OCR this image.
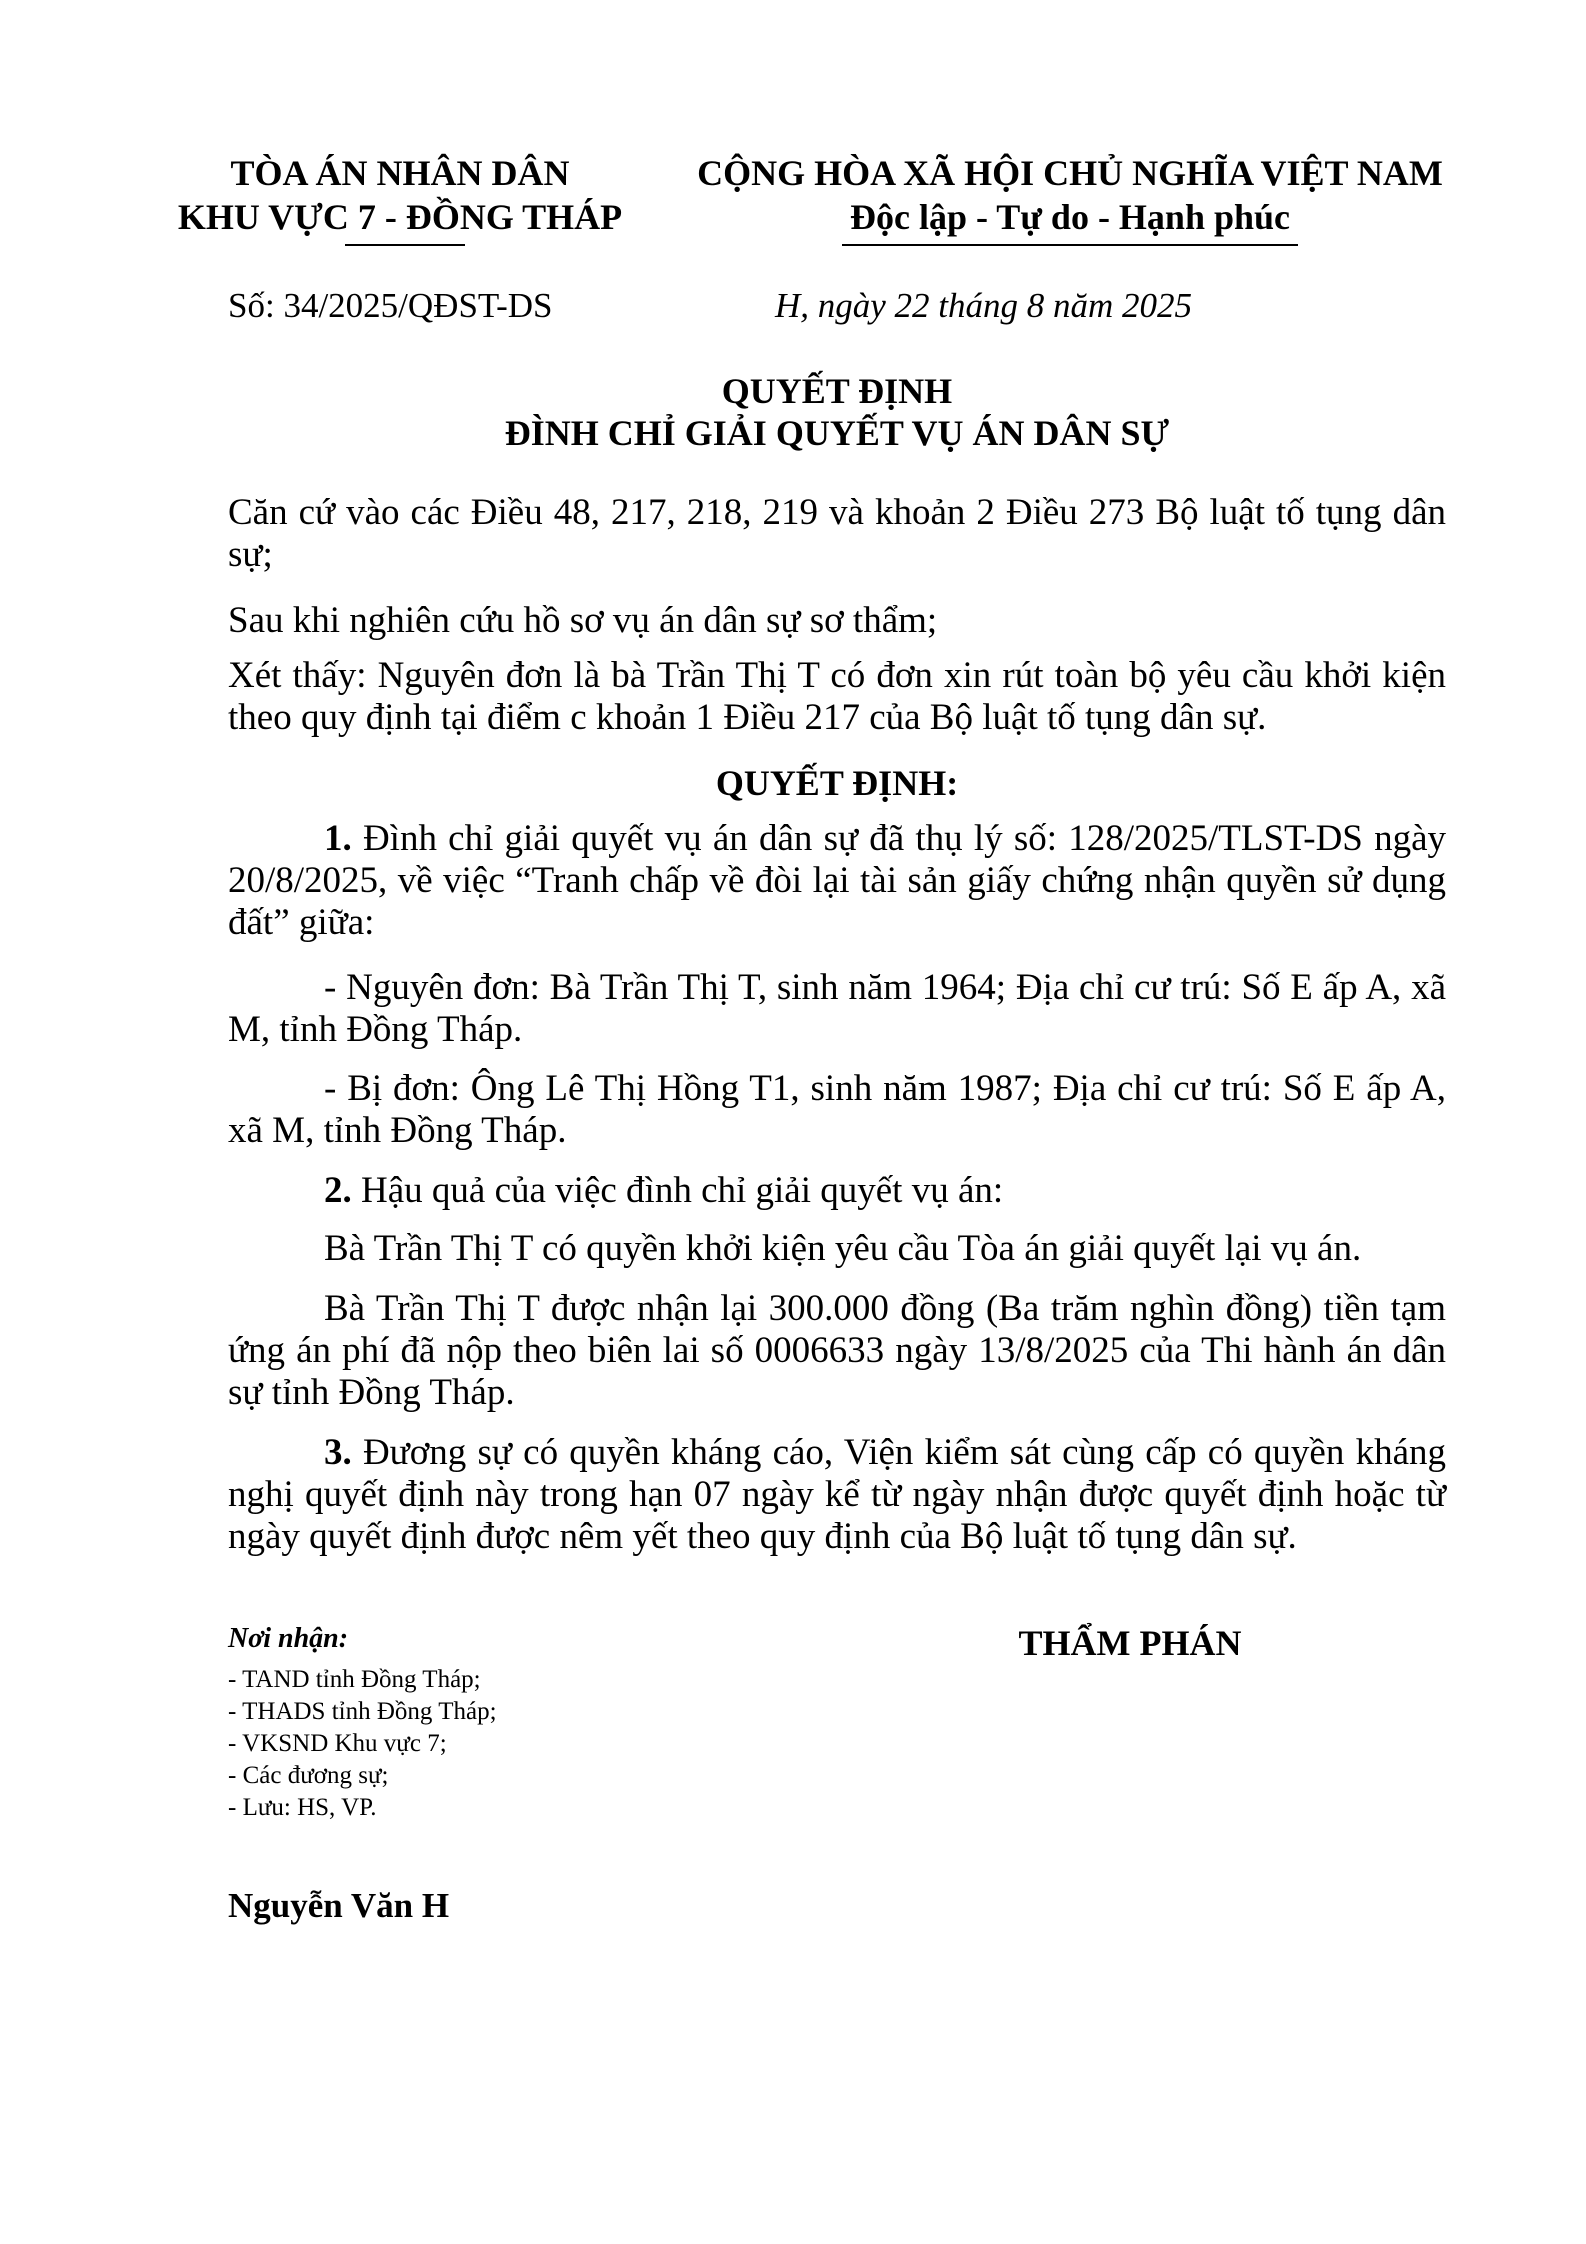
TÒA ÁN NHÂN DÂN
KHU VỰC 7 - ĐỒNG THÁP
CỘNG HÒA XÃ HỘI CHỦ NGHĨA VIỆT NAM
Độc lập - Tự do - Hạnh phúc
Số: 34/2025/QĐST-DS	H, ngày 22 tháng 8 năm 2025
QUYẾT ĐỊNH
ĐÌNH CHỈ GIẢI QUYẾT VỤ ÁN DÂN SỰ
Căn cứ vào các Điều 48, 217, 218, 219 và khoản 2 Điều 273 Bộ luật tố tụng dân sự;
Sau khi nghiên cứu hồ sơ vụ án dân sự sơ thẩm;
Xét thấy: Nguyên đơn là bà Trần Thị T có đơn xin rút toàn bộ yêu cầu khởi kiện theo quy định tại điểm c khoản 1 Điều 217 của Bộ luật tố tụng dân sự.
QUYẾT ĐỊNH:
1. Đình chỉ giải quyết vụ án dân sự đã thụ lý số: 128/2025/TLST-DS ngày 20/8/2025, về việc “Tranh chấp về đòi lại tài sản giấy chứng nhận quyền sử dụng đất” giữa:
- Nguyên đơn: Bà Trần Thị T, sinh năm 1964; Địa chỉ cư trú: Số E ấp A, xã M, tỉnh Đồng Tháp.
- Bị đơn: Ông Lê Thị Hồng T1, sinh năm 1987; Địa chỉ cư trú: Số E ấp A, xã M, tỉnh Đồng Tháp.
2. Hậu quả của việc đình chỉ giải quyết vụ án:
Bà Trần Thị T có quyền khởi kiện yêu cầu Tòa án giải quyết lại vụ án.
Bà Trần Thị T được nhận lại 300.000 đồng (Ba trăm nghìn đồng) tiền tạm ứng án phí đã nộp theo biên lai số 0006633 ngày 13/8/2025 của Thi hành án dân sự tỉnh Đồng Tháp.
3. Đương sự có quyền kháng cáo, Viện kiểm sát cùng cấp có quyền kháng nghị quyết định này trong hạn 07 ngày kể từ ngày nhận được quyết định hoặc từ ngày quyết định được nêm yết theo quy định của Bộ luật tố tụng dân sự.
Nơi nhận:
- TAND tỉnh Đồng Tháp;
- THADS tỉnh Đồng Tháp;
- VKSND Khu vực 7;
- Các đương sự;
- Lưu: HS, VP.
THẨM PHÁN
Nguyễn Văn H
